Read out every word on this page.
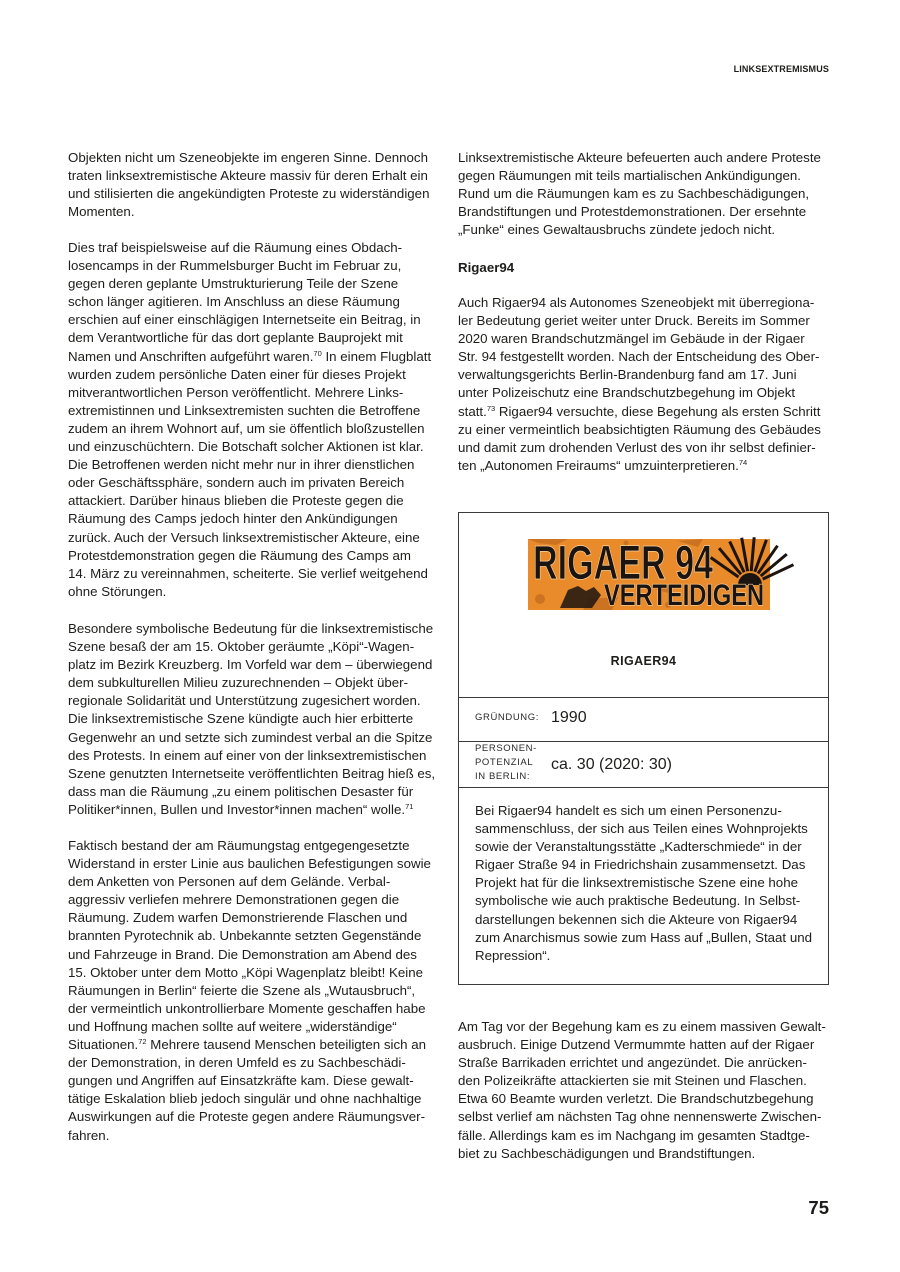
LINKSEXTREMISMUS
Objekten nicht um Szeneobjekte im engeren Sinne. Dennoch
traten linksextremistische Akteure massiv für deren Erhalt ein
und stilisierten die angekündigten Proteste zu widerständigen
Momenten.
Dies traf beispielsweise auf die Räumung eines Obdach-
losencamps in der Rummelsburger Bucht im Februar zu,
gegen deren geplante Umstrukturierung Teile der Szene
schon länger agitieren. Im Anschluss an diese Räumung
erschien auf einer einschlägigen Internetseite ein Beitrag, in
dem Verantwortliche für das dort geplante Bauprojekt mit
Namen und Anschriften aufgeführt waren.$^{70}$ In einem Flugblatt
wurden zudem persönliche Daten einer für dieses Projekt
mitverantwortlichen Person veröffentlicht. Mehrere Links-
extremistinnen und Linksextremisten suchten die Betroffene
zudem an ihrem Wohnort auf, um sie öffentlich bloßzustellen
und einzuschüchtern. Die Botschaft solcher Aktionen ist klar.
Die Betroffenen werden nicht mehr nur in ihrer dienstlichen
oder Geschäftssphäre, sondern auch im privaten Bereich
attackiert. Darüber hinaus blieben die Proteste gegen die
Räumung des Camps jedoch hinter den Ankündigungen
zurück. Auch der Versuch linksextremistischer Akteure, eine
Protestdemonstration gegen die Räumung des Camps am
14. März zu vereinnahmen, scheiterte. Sie verlief weitgehend
ohne Störungen.
Besondere symbolische Bedeutung für die linksextremistische
Szene besaß der am 15. Oktober geräumte „Köpi“-Wagen-
platz im Bezirk Kreuzberg. Im Vorfeld war dem – überwiegend
dem subkulturellen Milieu zuzurechnenden – Objekt über-
regionale Solidarität und Unterstützung zugesichert worden.
Die linksextremistische Szene kündigte auch hier erbitterte
Gegenwehr an und setzte sich zumindest verbal an die Spitze
des Protests. In einem auf einer von der linksextremistischen
Szene genutzten Internetseite veröffentlichten Beitrag hieß es,
dass man die Räumung „zu einem politischen Desaster für
Politiker*innen, Bullen und Investor*innen machen“ wolle.$^{71}$
Faktisch bestand der am Räumungstag entgegengesetzte
Widerstand in erster Linie aus baulichen Befestigungen sowie
dem Anketten von Personen auf dem Gelände. Verbal-
aggressiv verliefen mehrere Demonstrationen gegen die
Räumung. Zudem warfen Demonstrierende Flaschen und
brannten Pyrotechnik ab. Unbekannte setzten Gegenstände
und Fahrzeuge in Brand. Die Demonstration am Abend des
15. Oktober unter dem Motto „Köpi Wagenplatz bleibt! Keine
Räumungen in Berlin“ feierte die Szene als „Wutausbruch“,
der vermeintlich unkontrollierbare Momente geschaffen habe
und Hoffnung machen sollte auf weitere „widerständige“
Situationen.$^{72}$ Mehrere tausend Menschen beteiligten sich an
der Demonstration, in deren Umfeld es zu Sachbeschädi-
gungen und Angriffen auf Einsatzkräfte kam. Diese gewalt-
tätige Eskalation blieb jedoch singulär und ohne nachhaltige
Auswirkungen auf die Proteste gegen andere Räumungsver-
fahren.
Linksextremistische Akteure befeuerten auch andere Proteste
gegen Räumungen mit teils martialischen Ankündigungen.
Rund um die Räumungen kam es zu Sachbeschädigungen,
Brandstiftungen und Protestdemonstrationen. Der ersehnte
„Funke“ eines Gewaltausbruchs zündete jedoch nicht.
Rigaer94
Auch Rigaer94 als Autonomes Szeneobjekt mit überregiona-
ler Bedeutung geriet weiter unter Druck. Bereits im Sommer
2020 waren Brandschutzmängel im Gebäude in der Rigaer
Str. 94 festgestellt worden. Nach der Entscheidung des Ober-
verwaltungsgerichts Berlin-Brandenburg fand am 17. Juni
unter Polizeischutz eine Brandschutzbegehung im Objekt
statt.$^{73}$ Rigaer94 versuchte, diese Begehung als ersten Schritt
zu einer vermeintlich beabsichtigten Räumung des Gebäudes
und damit zum drohenden Verlust des von ihr selbst definier-
ten „Autonomen Freiraums“ umzuinterpretieren.$^{74}$
RIGAER 94
VERTEIDIGEN
RIGAER94
GRÜNDUNG: 1990
PERSONEN-
POTENZIAL
IN BERLIN:
ca. 30 (2020: 30)
Bei Rigaer94 handelt es sich um einen Personenzu-
sammenschluss, der sich aus Teilen eines Wohnprojekts
sowie der Veranstaltungsstätte „Kadterschmiede“ in der
Rigaer Straße 94 in Friedrichshain zusammensetzt. Das
Projekt hat für die linksextremistische Szene eine hohe
symbolische wie auch praktische Bedeutung. In Selbst-
darstellungen bekennen sich die Akteure von Rigaer94
zum Anarchismus sowie zum Hass auf „Bullen, Staat und
Repression“.
Am Tag vor der Begehung kam es zu einem massiven Gewalt-
ausbruch. Einige Dutzend Vermummte hatten auf der Rigaer
Straße Barrikaden errichtet und angezündet. Die anrücken-
den Polizeikräfte attackierten sie mit Steinen und Flaschen.
Etwa 60 Beamte wurden verletzt. Die Brandschutzbegehung
selbst verlief am nächsten Tag ohne nennenswerte Zwischen-
fälle. Allerdings kam es im Nachgang im gesamten Stadtge-
biet zu Sachbeschädigungen und Brandstiftungen.
75
